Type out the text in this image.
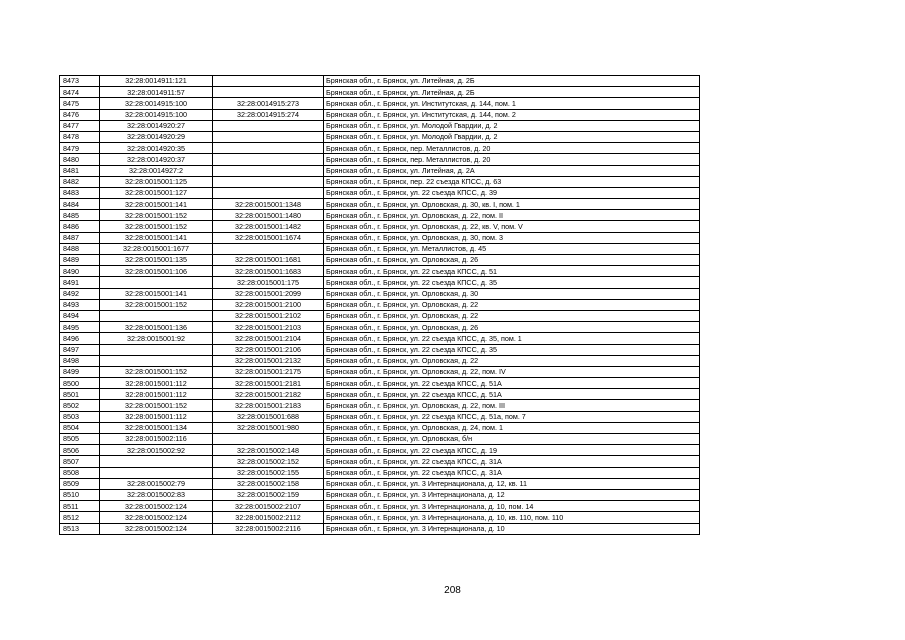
8473	32:28:0014911:121		Брянская обл., г. Брянск, ул. Литейная, д. 2Б
8474	32:28:0014911:57		Брянская обл., г. Брянск, ул. Литейная, д. 2Б
8475	32:28:0014915:100	32:28:0014915:273	Брянская обл., г. Брянск, ул. Институтская, д. 144, пом. 1
8476	32:28:0014915:100	32:28:0014915:274	Брянская обл., г. Брянск, ул. Институтская, д. 144, пом. 2
8477	32:28:0014920:27		Брянская обл., г. Брянск, ул. Молодой Гвардии, д. 2
8478	32:28:0014920:29		Брянская обл., г. Брянск, ул. Молодой Гвардии, д. 2
8479	32:28:0014920:35		Брянская обл., г. Брянск, пер. Металлистов, д. 20
8480	32:28:0014920:37		Брянская обл., г. Брянск, пер. Металлистов, д. 20
8481	32:28:0014927:2		Брянская обл., г. Брянск, ул. Литейная, д. 2А
8482	32:28:0015001:125		Брянская обл., г. Брянск, пер. 22 съезда КПСС, д. 63
8483	32:28:0015001:127		Брянская обл., г. Брянск, ул. 22 съезда КПСС, д. 39
8484	32:28:0015001:141	32:28:0015001:1348	Брянская обл., г. Брянск, ул. Орловская, д. 30, кв. I, пом. 1
8485	32:28:0015001:152	32:28:0015001:1480	Брянская обл., г. Брянск, ул. Орловская, д. 22, пом. II
8486	32:28:0015001:152	32:28:0015001:1482	Брянская обл., г. Брянск, ул. Орловская, д. 22, кв. V, пом. V
8487	32:28:0015001:141	32:28:0015001:1674	Брянская обл., г. Брянск, ул. Орловская, д. 30, пом. 3
8488	32:28:0015001:1677		Брянская обл., г. Брянск, ул. Металлистов, д. 45
8489	32:28:0015001:135	32:28:0015001:1681	Брянская обл., г. Брянск, ул. Орловская, д. 26
8490	32:28:0015001:106	32:28:0015001:1683	Брянская обл., г. Брянск, ул. 22 съезда КПСС, д. 51
8491		32:28:0015001:175	Брянская обл., г. Брянск, ул. 22 съезда КПСС, д. 35
8492	32:28:0015001:141	32:28:0015001:2099	Брянская обл., г. Брянск, ул. Орловская, д. 30
8493	32:28:0015001:152	32:28:0015001:2100	Брянская обл., г. Брянск, ул. Орловская, д. 22
8494		32:28:0015001:2102	Брянская обл., г. Брянск, ул. Орловская, д. 22
8495	32:28:0015001:136	32:28:0015001:2103	Брянская обл., г. Брянск, ул. Орловская, д. 26
8496	32:28:0015001:92	32:28:0015001:2104	Брянская обл., г. Брянск, ул. 22 съезда КПСС, д. 35, пом. 1
8497		32:28:0015001:2106	Брянская обл., г. Брянск, ул. 22 съезда КПСС, д. 35
8498		32:28:0015001:2132	Брянская обл., г. Брянск, ул. Орловская, д. 22
8499	32:28:0015001:152	32:28:0015001:2175	Брянская обл., г. Брянск, ул. Орловская, д. 22, пом. IV
8500	32:28:0015001:112	32:28:0015001:2181	Брянская обл., г. Брянск, ул. 22 съезда КПСС, д. 51А
8501	32:28:0015001:112	32:28:0015001:2182	Брянская обл., г. Брянск, ул. 22 съезда КПСС, д. 51А
8502	32:28:0015001:152	32:28:0015001:2183	Брянская обл., г. Брянск, ул. Орловская, д. 22, пом. III
8503	32:28:0015001:112	32:28:0015001:688	Брянская обл., г. Брянск, ул. 22 съезда КПСС, д. 51а, пом. 7
8504	32:28:0015001:134	32:28:0015001:980	Брянская обл., г. Брянск, ул. Орловская, д. 24, пом. 1
8505	32:28:0015002:116		Брянская обл., г. Брянск, ул. Орловская, б/н
8506	32:28:0015002:92	32:28:0015002:148	Брянская обл., г. Брянск, ул. 22 съезда КПСС, д. 19
8507		32:28:0015002:152	Брянская обл., г. Брянск, ул. 22 съезда КПСС, д. 31А
8508		32:28:0015002:155	Брянская обл., г. Брянск, ул. 22 съезда КПСС, д. 31А
8509	32:28:0015002:79	32:28:0015002:158	Брянская обл., г. Брянск, ул. 3 Интернационала, д. 12, кв. 11
8510	32:28:0015002:83	32:28:0015002:159	Брянская обл., г. Брянск, ул. 3 Интернационала, д. 12
8511	32:28:0015002:124	32:28:0015002:2107	Брянская обл., г. Брянск, ул. 3 Интернационала, д. 10, пом. 14
8512	32:28:0015002:124	32:28:0015002:2112	Брянская обл., г. Брянск, ул. 3 Интернационала, д. 10, кв. 110, пом. 110
8513	32:28:0015002:124	32:28:0015002:2116	Брянская обл., г. Брянск, ул. 3 Интернационала, д. 10
208
